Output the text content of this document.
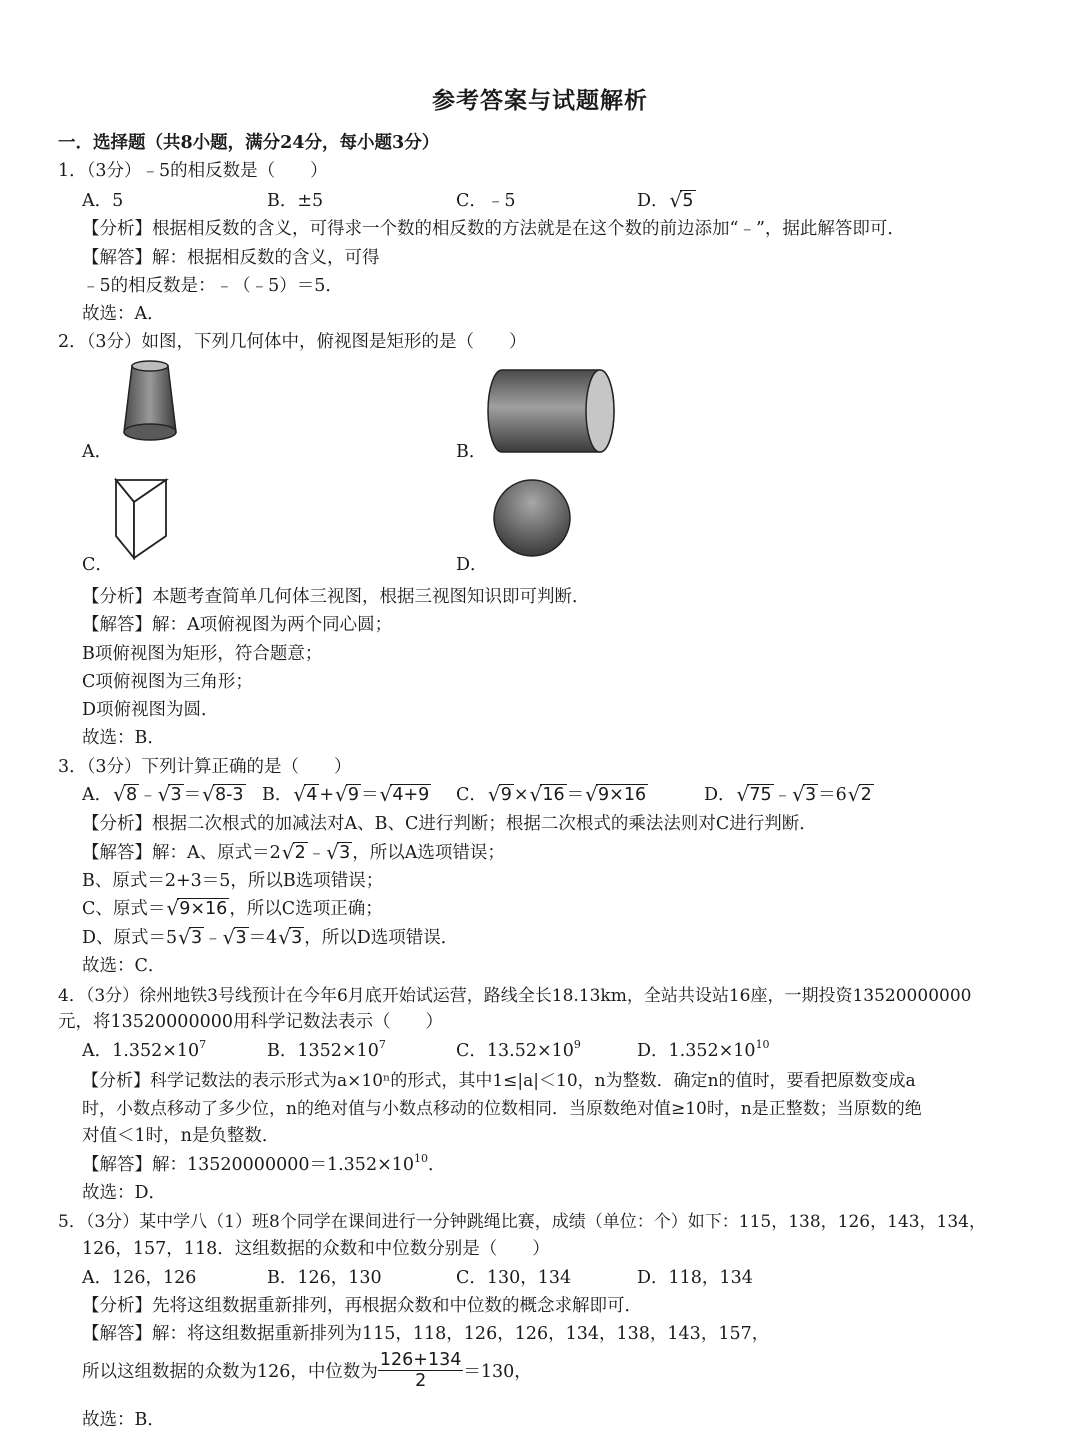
参考答案与试题解析
一．选择题（共8小题，满分24分，每小题3分）
1．（3分）﹣5的相反数是（　　）
A．5	B．±5	C．﹣5	D． √ 5
【分析】根据相反数的含义，可得求一个数的相反数的方法就是在这个数的前边添加“﹣”，据此解答即可．
【解答】解：根据相反数的含义，可得
﹣5的相反数是：﹣（﹣5）＝5．
故选：A．
2．（3分）如图，下列几何体中，俯视图是矩形的是（　　）
A．	B．
C．	D．
【分析】本题考查简单几何体三视图，根据三视图知识即可判断．
【解答】解：A项俯视图为两个同心圆；
B项俯视图为矩形，符合题意；
C项俯视图为三角形；
D项俯视图为圆．
故选：B．
3．（3分）下列计算正确的是（　　）
A． √ 8 ﹣ √ 3 ＝ √ 8-3 B． √ 4 + √ 9 ＝ √ 4+9 C． √ 9 × √ 16 ＝ √ 9×16	D． √ 75 ﹣ √ 3 ＝6 √ 2
【分析】根据二次根式的加减法对A、B、C进行判断；根据二次根式的乘法法则对C进行判断．
【解答】解：A、原式＝2 √ 2 ﹣ √ 3 ，所以A选项错误；
B、原式＝2+3＝5，所以B选项错误；
C、原式＝ √ 9×16 ，所以C选项正确；
D、原式＝5 √ 3 ﹣ √ 3 ＝4 √ 3 ，所以D选项错误．
故选：C．
4．（3分）徐州地铁3号线预计在今年6月底开始试运营，路线全长18.13km，全站共设站16座，一期投资13520000000
元，将13520000000用科学记数法表示（　　）
A．$1.352\times 10^7$	B．$1352\times 10^7$	C．$13.52\times 10^9$	D．$1.352\times 10^{10}$
【分析】科学记数法的表示形式为a×10ⁿ的形式，其中1≤|a|＜10，n为整数．确定n的值时，要看把原数变成a
时，小数点移动了多少位，n的绝对值与小数点移动的位数相同．当原数绝对值≥10时，n是正整数；当原数的绝
对值＜1时，n是负整数．
【解答】解：$13520000000=1.352\times 10^{10}$．
故选：D．
5．（3分）某中学八（1）班8个同学在课间进行一分钟跳绳比赛，成绩（单位：个）如下：115，138，126，143，134，
126，157，118．这组数据的众数和中位数分别是（　　）
A．126，126	B．126，130	C．130，134	D．118，134
【分析】先将这组数据重新排列，再根据众数和中位数的概念求解即可．
【解答】解：将这组数据重新排列为115，118，126，126，134，138，143，157，
所以这组数据的众数为126，中位数为 $\frac{126+134}{2} =130$，
故选：B．
